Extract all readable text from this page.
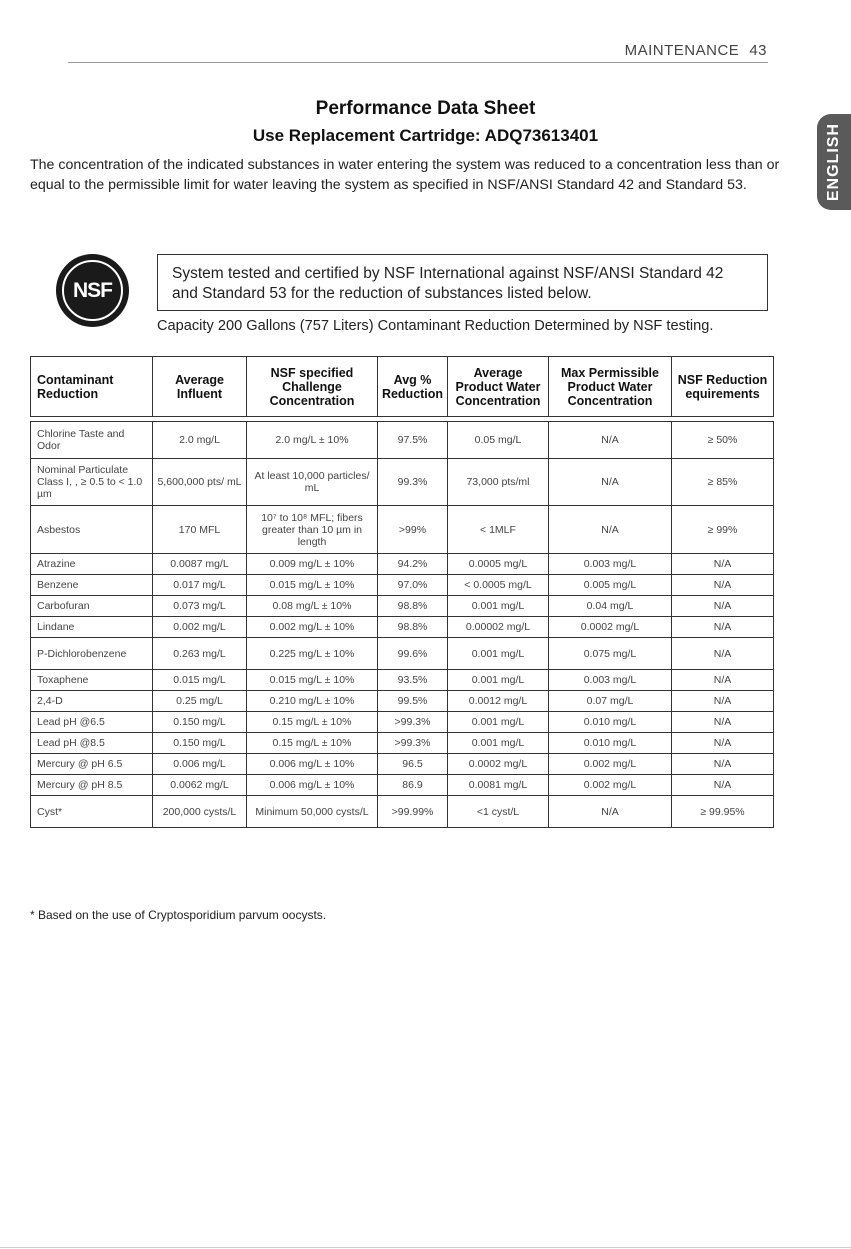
MAINTENANCE 43
ENGLISH
Performance Data Sheet
Use Replacement Cartridge: ADQ73613401
The concentration of the indicated substances in water entering the system was reduced to a concentration less than or equal to the permissible limit for water leaving the system as specified in NSF/ANSI Standard 42 and Standard 53.
NSF
System tested and certified by NSF International against NSF/ANSI Standard 42 and Standard 53 for the reduction of substances listed below.
Capacity 200 Gallons (757 Liters) Contaminant Reduction Determined by NSF testing.
Contaminant Reduction	Average Influent	NSF specified Challenge Concentration	Avg % Reduction	Average Product Water Concentration	Max Permissible Product Water Concentration	NSF Reduction equirements

Chlorine Taste and Odor	2.0 mg/L	2.0 mg/L ± 10%	97.5%	0.05 mg/L	N/A	≥ 50%
Nominal Particulate Class I, , ≥ 0.5 to < 1.0 µm	5,600,000 pts/ mL	At least 10,000 particles/ mL	99.3%	73,000 pts/ml	N/A	≥ 85%
Asbestos	170 MFL	10⁷ to 10⁸ MFL; fibers greater than 10 µm in length	>99%	< 1MLF	N/A	≥ 99%
Atrazine	0.0087 mg/L	0.009 mg/L ± 10%	94.2%	0.0005 mg/L	0.003 mg/L	N/A
Benzene	0.017 mg/L	0.015 mg/L ± 10%	97.0%	< 0.0005 mg/L	0.005 mg/L	N/A
Carbofuran	0.073 mg/L	0.08 mg/L ± 10%	98.8%	0.001 mg/L	0.04 mg/L	N/A
Lindane	0.002 mg/L	0.002 mg/L ± 10%	98.8%	0.00002 mg/L	0.0002 mg/L	N/A
P-Dichlorobenzene	0.263 mg/L	0.225 mg/L ± 10%	99.6%	0.001 mg/L	0.075 mg/L	N/A
Toxaphene	0.015 mg/L	0.015 mg/L ± 10%	93.5%	0.001 mg/L	0.003 mg/L	N/A
2,4-D	0.25 mg/L	0.210 mg/L ± 10%	99.5%	0.0012 mg/L	0.07 mg/L	N/A
Lead pH @6.5	0.150 mg/L	0.15 mg/L ± 10%	>99.3%	0.001 mg/L	0.010 mg/L	N/A
Lead pH @8.5	0.150 mg/L	0.15 mg/L ± 10%	>99.3%	0.001 mg/L	0.010 mg/L	N/A
Mercury @ pH 6.5	0.006 mg/L	0.006 mg/L ± 10%	96.5	0.0002 mg/L	0.002 mg/L	N/A
Mercury @ pH 8.5	0.0062 mg/L	0.006 mg/L ± 10%	86.9	0.0081 mg/L	0.002 mg/L	N/A
Cyst*	200,000 cysts/L	Minimum 50,000 cysts/L	>99.99%	<1 cyst/L	N/A	≥ 99.95%
* Based on the use of Cryptosporidium parvum oocysts.
